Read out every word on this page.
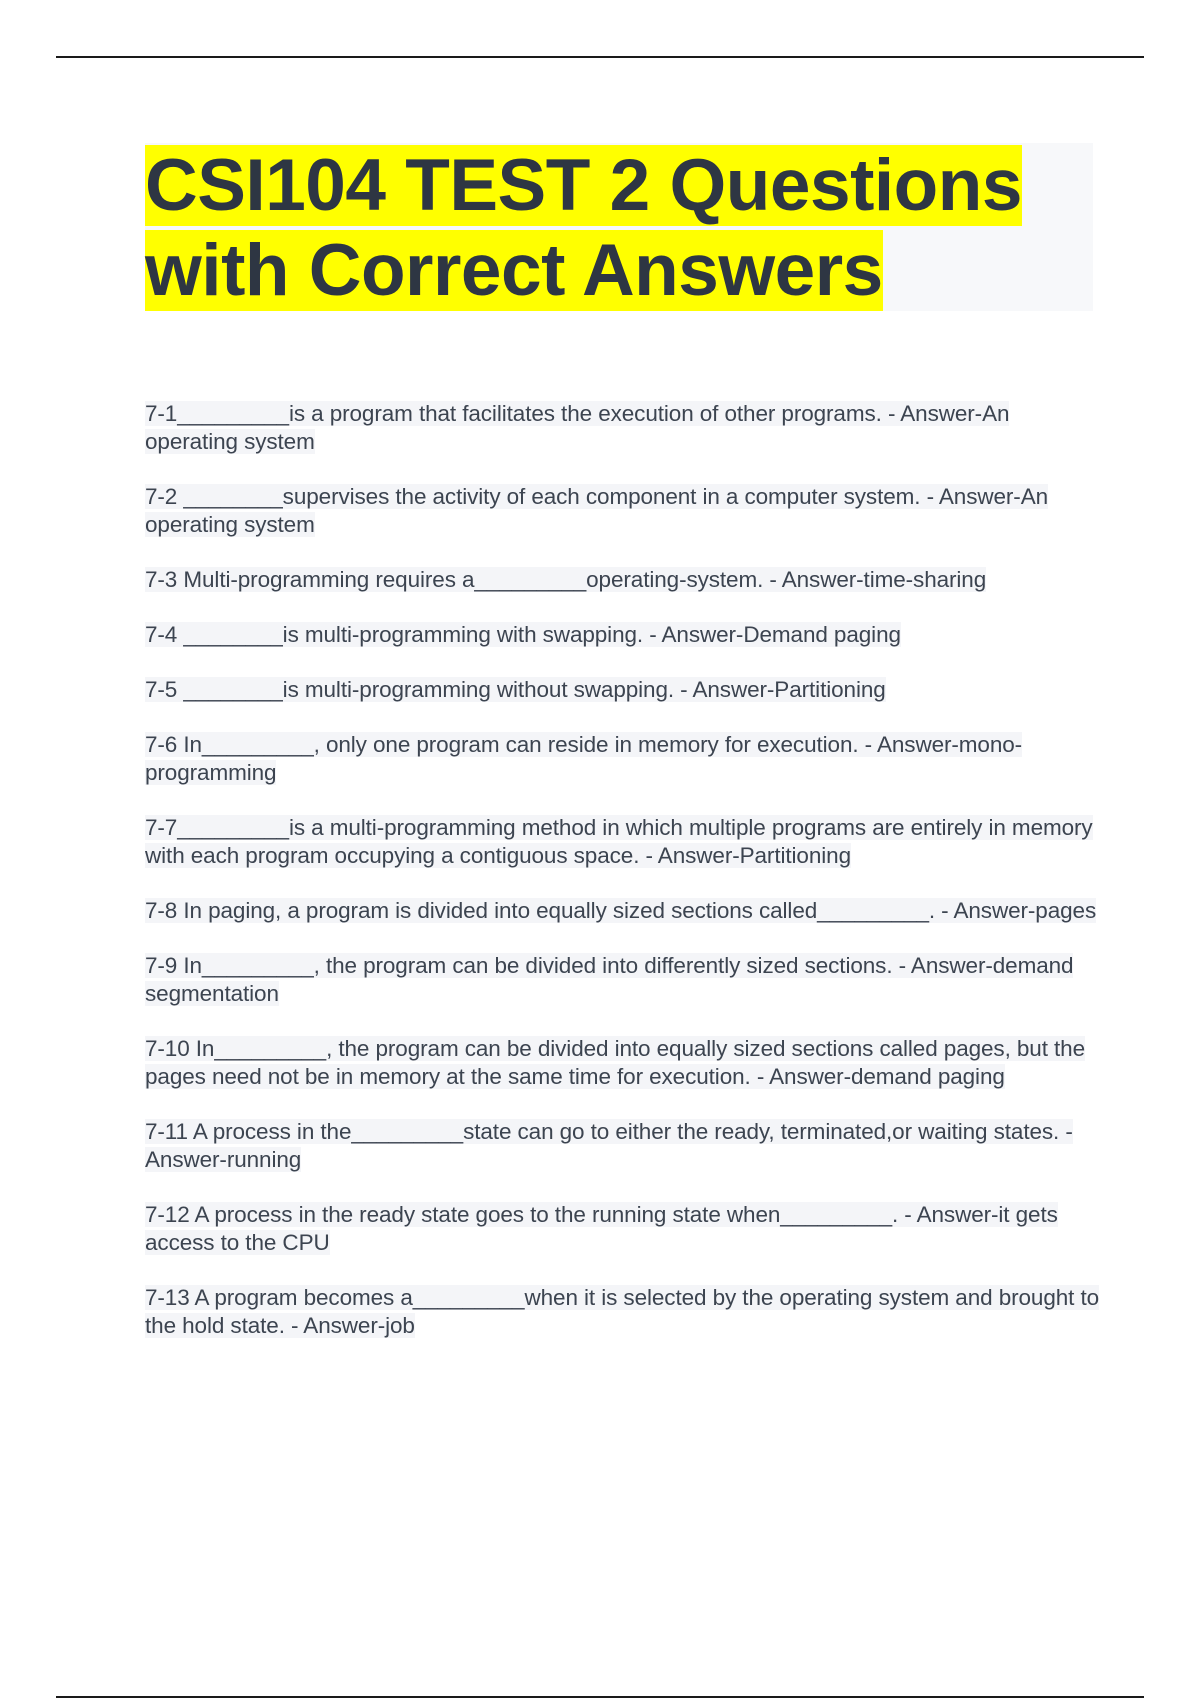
CSI104 TEST 2 Questions
with Correct Answers

7-1_________is a program that facilitates the execution of other programs. - Answer-An operating system

7-2 ________supervises the activity of each component in a computer system. - Answer-An operating system

7-3 Multi-programming requires a_________operating-system. - Answer-time-sharing

7-4 ________is multi-programming with swapping. - Answer-Demand paging

7-5 ________is multi-programming without swapping. - Answer-Partitioning

7-6 In_________, only one program can reside in memory for execution. - Answer-mono-programming

7-7_________is a multi-programming method in which multiple programs are entirely in memory with each program occupying a contiguous space. - Answer-Partitioning

7-8 In paging, a program is divided into equally sized sections called_________. - Answer-pages

7-9 In_________, the program can be divided into differently sized sections. - Answer-demand segmentation

7-10 In_________, the program can be divided into equally sized sections called pages, but the pages need not be in memory at the same time for execution. - Answer-demand paging

7-11 A process in the_________state can go to either the ready, terminated,or waiting states. - Answer-running

7-12 A process in the ready state goes to the running state when_________. - Answer-it gets access to the CPU

7-13 A program becomes a_________when it is selected by the operating system and brought to the hold state. - Answer-job
